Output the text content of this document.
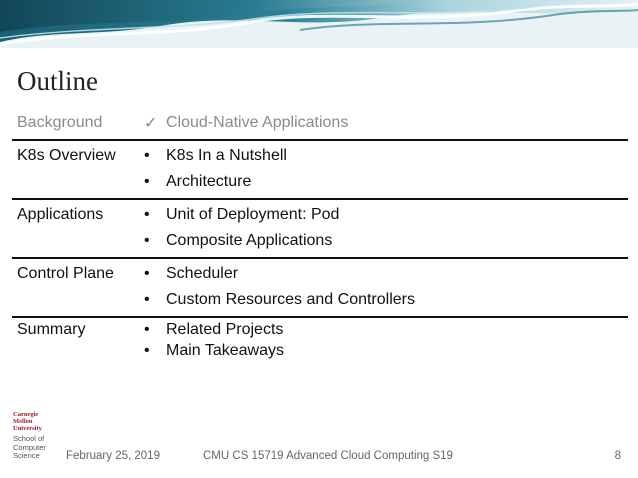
Outline
Background	✓ Cloud-Native Applications
K8s Overview	•	K8s In a Nutshell
•	Architecture
Applications	•	Unit of Deployment: Pod
•	Composite Applications
Control Plane	•	Scheduler
•	Custom Resources and Controllers
Summary	•	Related Projects
•	Main Takeaways
Carnegie
Mellon
University
School of
Computer
Science	February 25, 2019	CMU CS 15719 Advanced Cloud Computing S19	8
